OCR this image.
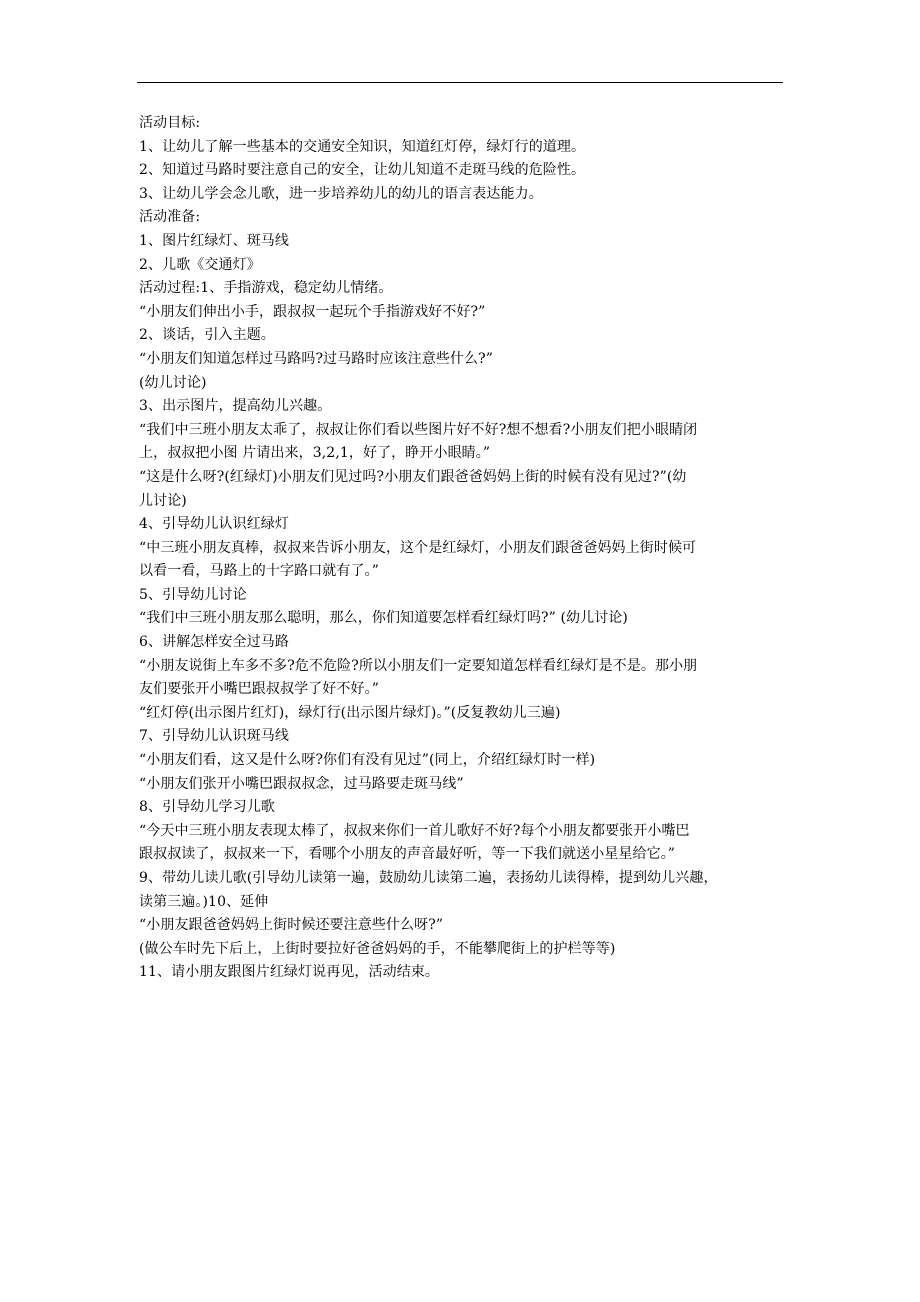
活动目标:
1、让幼儿了解一些基本的交通安全知识，知道红灯停，绿灯行的道理。
2、知道过马路时要注意自己的安全，让幼儿知道不走斑马线的危险性。
3、让幼儿学会念儿歌，进一步培养幼儿的幼儿的语言表达能力。
活动准备:
1、图片红绿灯、斑马线
2、儿歌《交通灯》
活动过程:1、手指游戏，稳定幼儿情绪。
“小朋友们伸出小手，跟叔叔一起玩个手指游戏好不好?”
2、谈话，引入主题。
“小朋友们知道怎样过马路吗?过马路时应该注意些什么?”
(幼儿讨论)
3、出示图片，提高幼儿兴趣。
“我们中三班小朋友太乖了，叔叔让你们看以些图片好不好?想不想看?小朋友们把小眼睛闭
上，叔叔把小图 片请出来，3,2,1，好了，睁开小眼睛。”
“这是什么呀?(红绿灯)小朋友们见过吗?小朋友们跟爸爸妈妈上街的时候有没有见过?”(幼
儿讨论)
4、引导幼儿认识红绿灯
“中三班小朋友真棒，叔叔来告诉小朋友，这个是红绿灯，小朋友们跟爸爸妈妈上街时候可
以看一看，马路上的十字路口就有了。”
5、引导幼儿讨论
“我们中三班小朋友那么聪明，那么，你们知道要怎样看红绿灯吗?” (幼儿讨论)
6、讲解怎样安全过马路
“小朋友说街上车多不多?危不危险?所以小朋友们一定要知道怎样看红绿灯是不是。那小朋
友们要张开小嘴巴跟叔叔学了好不好。”
“红灯停(出示图片红灯)，绿灯行(出示图片绿灯)。”(反复教幼儿三遍)
7、引导幼儿认识斑马线
“小朋友们看，这又是什么呀?你们有没有见过”(同上，介绍红绿灯时一样)
“小朋友们张开小嘴巴跟叔叔念，过马路要走斑马线”
8、引导幼儿学习儿歌
“今天中三班小朋友表现太棒了，叔叔来你们一首儿歌好不好?每个小朋友都要张开小嘴巴
跟叔叔读了，叔叔来一下，看哪个小朋友的声音最好听，等一下我们就送小星星给它。”
9、带幼儿读儿歌(引导幼儿读第一遍，鼓励幼儿读第二遍，表扬幼儿读得棒，提到幼儿兴趣，
读第三遍。)10、延伸
“小朋友跟爸爸妈妈上街时候还要注意些什么呀?”
(做公车时先下后上，上街时要拉好爸爸妈妈的手，不能攀爬街上的护栏等等)
11、请小朋友跟图片红绿灯说再见，活动结束。
